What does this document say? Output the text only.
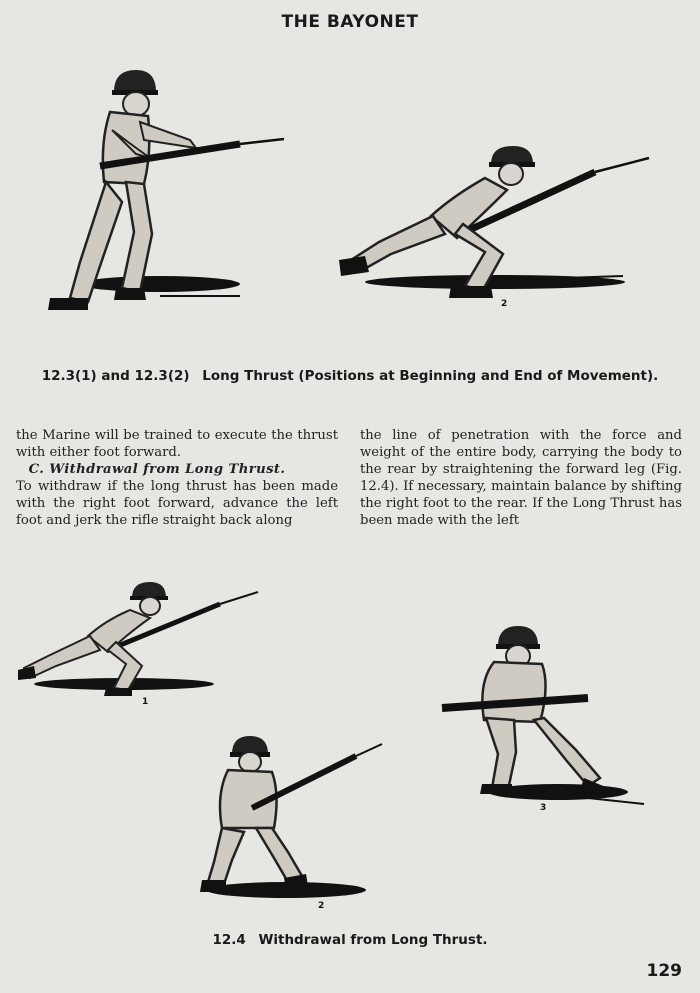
THE BAYONET
1
2
12.3(1) and 12.3(2) Long Thrust (Positions at Beginning and End of Movement).

the Marine will be trained to execute the thrust with either foot forward.

C. Withdrawal from Long Thrust.

To withdraw if the long thrust has been made with the right foot forward, advance the left foot and jerk the rifle straight back along

the line of penetration with the force and weight of the entire body, carrying the body to the rear by straightening the forward leg (Fig. 12.4). If necessary, maintain balance by shifting the right foot to the rear. If the Long Thrust has been made with the left

1
3
2
12.4 Withdrawal from Long Thrust.
129
